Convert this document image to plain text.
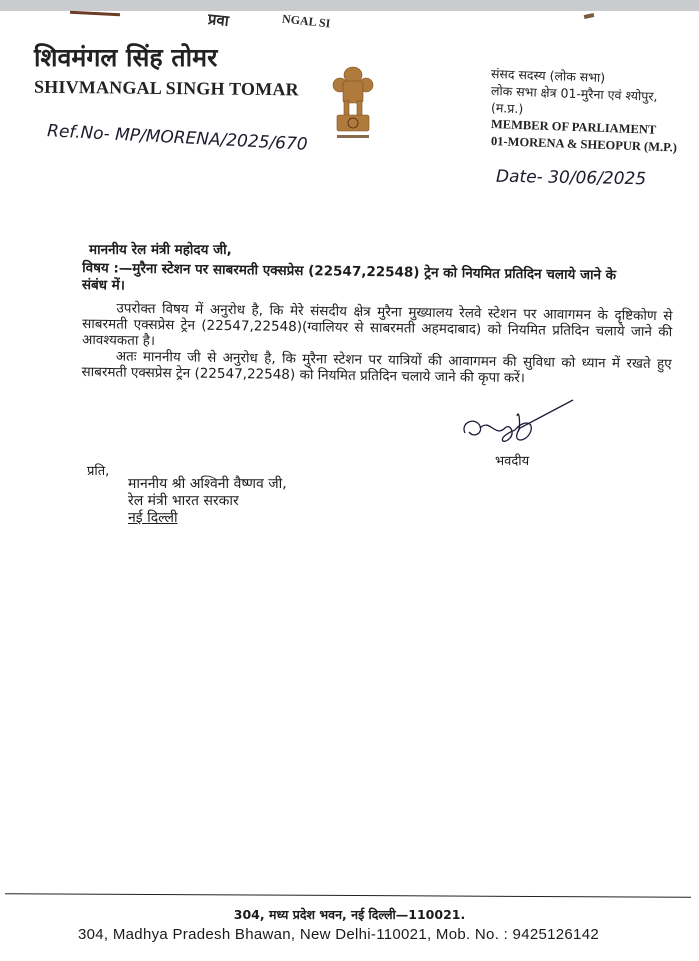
प्रवा	NGAL SI
शिवमंगल सिंह तोमर
SHIVMANGAL SINGH TOMAR
Ref.No- MP/MORENA/2025/670
संसद सदस्य (लोक सभा)
लोक सभा क्षेत्र 01-मुरैना एवं श्योपुर,
(म.प्र.)
MEMBER OF PARLIAMENT
01-MORENA & SHEOPUR (M.P.)
Date- 30/06/2025
माननीय रेल मंत्री महोदय जी,
विषय :—मुरैना स्टेशन पर साबरमती एक्सप्रेस (22547,22548) ट्रेन को नियमित प्रतिदिन चलाये जाने के संबंध में।

उपरोक्त विषय में अनुरोध है, कि मेरे संसदीय क्षेत्र मुरैना मुख्यालय रेलवे स्टेशन पर आवागमन के दृष्टिकोण से साबरमती एक्सप्रेस ट्रेन (22547,22548)(ग्वालियर से साबरमती अहमदाबाद) को नियमित प्रतिदिन चलाये जाने की आवश्यकता है।

अतः माननीय जी से अनुरोध है, कि मुरैना स्टेशन पर यात्रियों की आवागमन की सुविधा को ध्यान में रखते हुए साबरमती एक्सप्रेस ट्रेन (22547,22548) को नियमित प्रतिदिन चलाये जाने की कृपा करें।

भवदीय
प्रति,
माननीय श्री अश्विनी वैष्णव जी,
रेल मंत्री भारत सरकार
नई दिल्ली
304, मध्य प्रदेश भवन, नई दिल्ली—110021.
304, Madhya Pradesh Bhawan, New Delhi-110021, Mob. No. : 9425126142
